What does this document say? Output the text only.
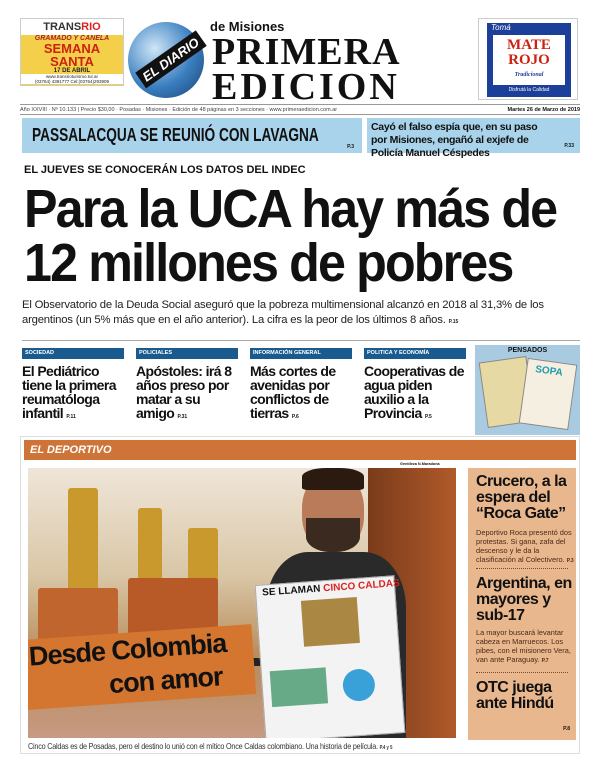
TRANSRIO
GRAMADO Y CANELA
SEMANA
SANTA
17 DE ABRIL
www.transrioturismo.tur.ar
(03764) 4391777 Cel:(03764)293909	EL DIARIO
de Misiones
PRIMERA
EDICION
Tomá
MATE
ROJO
Tradicional
Disfrutá la Calidad
Año XXVIII · Nº 10.133 | Precio $30,00 · Posadas · Misiones · Edición de 48 páginas en 3 secciones · www.primeraedicion.com.ar	Martes 26 de Marzo de 2019
PASSALACQUA SE REUNIÓ CON LAVAGNA
P.3
Cayó el falso espía que, en su paso por Misiones, engañó al exjefe de Policía Manuel Céspedes
P.33
EL JUEVES SE CONOCERÁN LOS DATOS DEL INDEC
Para la UCA hay más de
12 millones de pobres
El Observatorio de la Deuda Social aseguró que la pobreza multimensional alcanzó en 2018 al 31,3% de los argentinos (un 5% más que en el año anterior). La cifra es la peor de los últimos 8 años. P.15
SOCIEDAD
El Pediátrico tiene la primera reumatóloga infantil P.11
POLICIALES
Apóstoles: irá 8 años preso por matar a su amigo P.31
INFORMACIÓN GENERAL
Más cortes de avenidas por conflictos de tierras P.6
POLITICA Y ECONOMÍA
Cooperativas de agua piden auxilio a la Provincia P.5
PENSADOS
SOPA
EL DEPORTIVO
Gentileza N.Maradona
SE LLAMAN CINCO CALDAS
Desde Colombia
con amor
Cinco Caldas es de Posadas, pero el destino lo unió con el mítico Once Caldas colombiano. Una historia de película. P.4 y 5
Crucero, a la espera del “Roca Gate”
Deportivo Roca presentó dos protestas. Si gana, zafa del descenso y le da la clasificación al Colectivero. P.3
Argentina, en mayores y sub-17
La mayor buscará levantar cabeza en Marruecos. Los pibes, con el misionero Vera, van ante Paraguay. P.7
OTC juega ante Hindú
P.8
